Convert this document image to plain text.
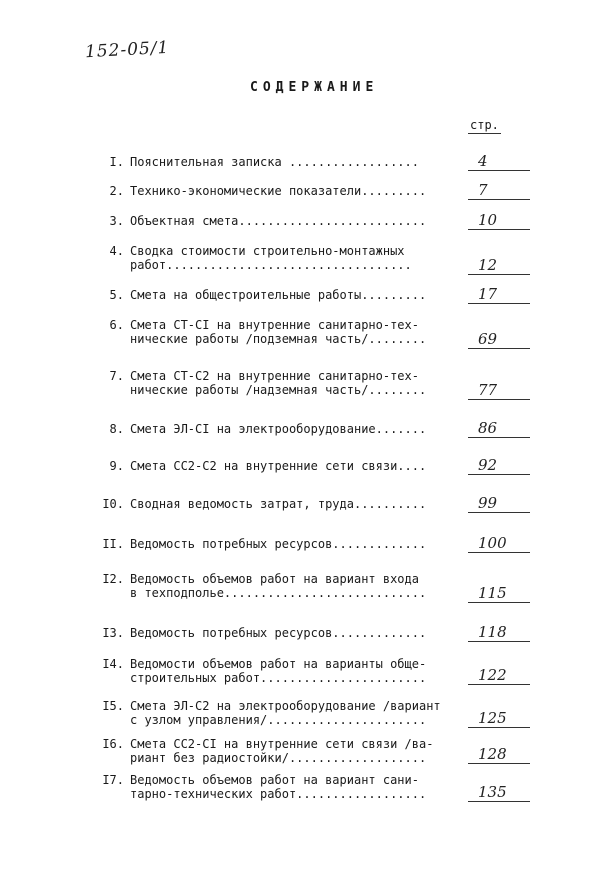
152-05/1
СОДЕРЖАНИЕ
стр.
I. Пояснительная записка ..................	4
2. Технико-экономические показатели.........	7
3. Объектная смета..........................	10
4. Сводка стоимости строительно-монтажных
работ..................................	12
5. Смета на общестроительные работы.........	17
6. Смета СТ-СI на внутренние санитарно-тех-
нические работы /подземная часть/........	69
7. Смета СТ-С2 на внутренние санитарно-тех-
нические работы /надземная часть/........	77
8. Смета ЭЛ-СI на электрооборудование.......	86
9. Смета СС2-С2 на внутренние сети связи....	92
I0. Сводная ведомость затрат, труда..........	99
II. Ведомость потребных ресурсов.............	100
I2. Ведомость объемов работ на вариант входа
в техподполье............................	115
I3. Ведомость потребных ресурсов.............	118
I4. Ведомости объемов работ на варианты обще-
строительных работ.......................	122
I5. Смета ЭЛ-С2 на электрооборудование /вариант
с узлом управления/......................	125
I6. Смета СС2-СI на внутренние сети связи /ва-
риант без радиостойки/...................	128
I7. Ведомость объемов работ на вариант сани-
тарно-технических работ..................	135
